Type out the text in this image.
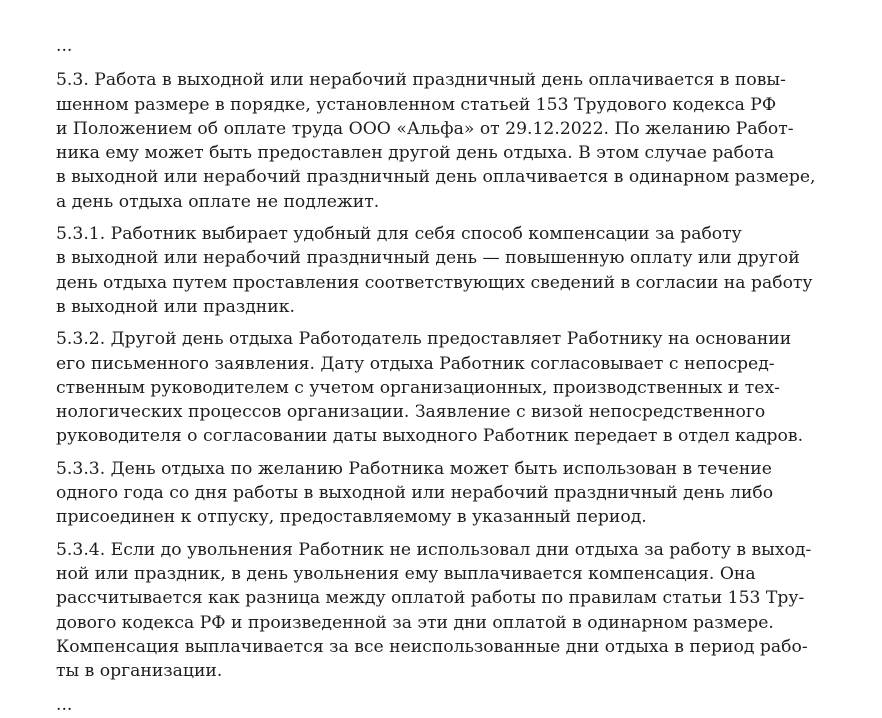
...
5.3. Работа в выходной или нерабочий праздничный день оплачивается в повы-
шенном размере в порядке, установленном статьей 153 Трудового кодекса РФ
и Положением об оплате труда ООО «Альфа» от 29.12.2022. По желанию Работ-
ника ему может быть предоставлен другой день отдыха. В этом случае работа
в выходной или нерабочий праздничный день оплачивается в одинарном размере,
а день отдыха оплате не подлежит.
5.3.1. Работник выбирает удобный для себя способ компенсации за работу
в выходной или нерабочий праздничный день — повышенную оплату или другой
день отдыха путем проставления соответствующих сведений в согласии на работу
в выходной или праздник.
5.3.2. Другой день отдыха Работодатель предоставляет Работнику на основании
его письменного заявления. Дату отдыха Работник согласовывает с непосред-
ственным руководителем с учетом организационных, производственных и тех-
нологических процессов организации. Заявление с визой непосредственного
руководителя о согласовании даты выходного Работник передает в отдел кадров.
5.3.3. День отдыха по желанию Работника может быть использован в течение
одного года со дня работы в выходной или нерабочий праздничный день либо
присоединен к отпуску, предоставляемому в указанный период.
5.3.4. Если до увольнения Работник не использовал дни отдыха за работу в выход-
ной или праздник, в день увольнения ему выплачивается компенсация. Она
рассчитывается как разница между оплатой работы по правилам статьи 153 Тру-
дового кодекса РФ и произведенной за эти дни оплатой в одинарном размере.
Компенсация выплачивается за все неиспользованные дни отдыха в период рабо-
ты в организации.
...
